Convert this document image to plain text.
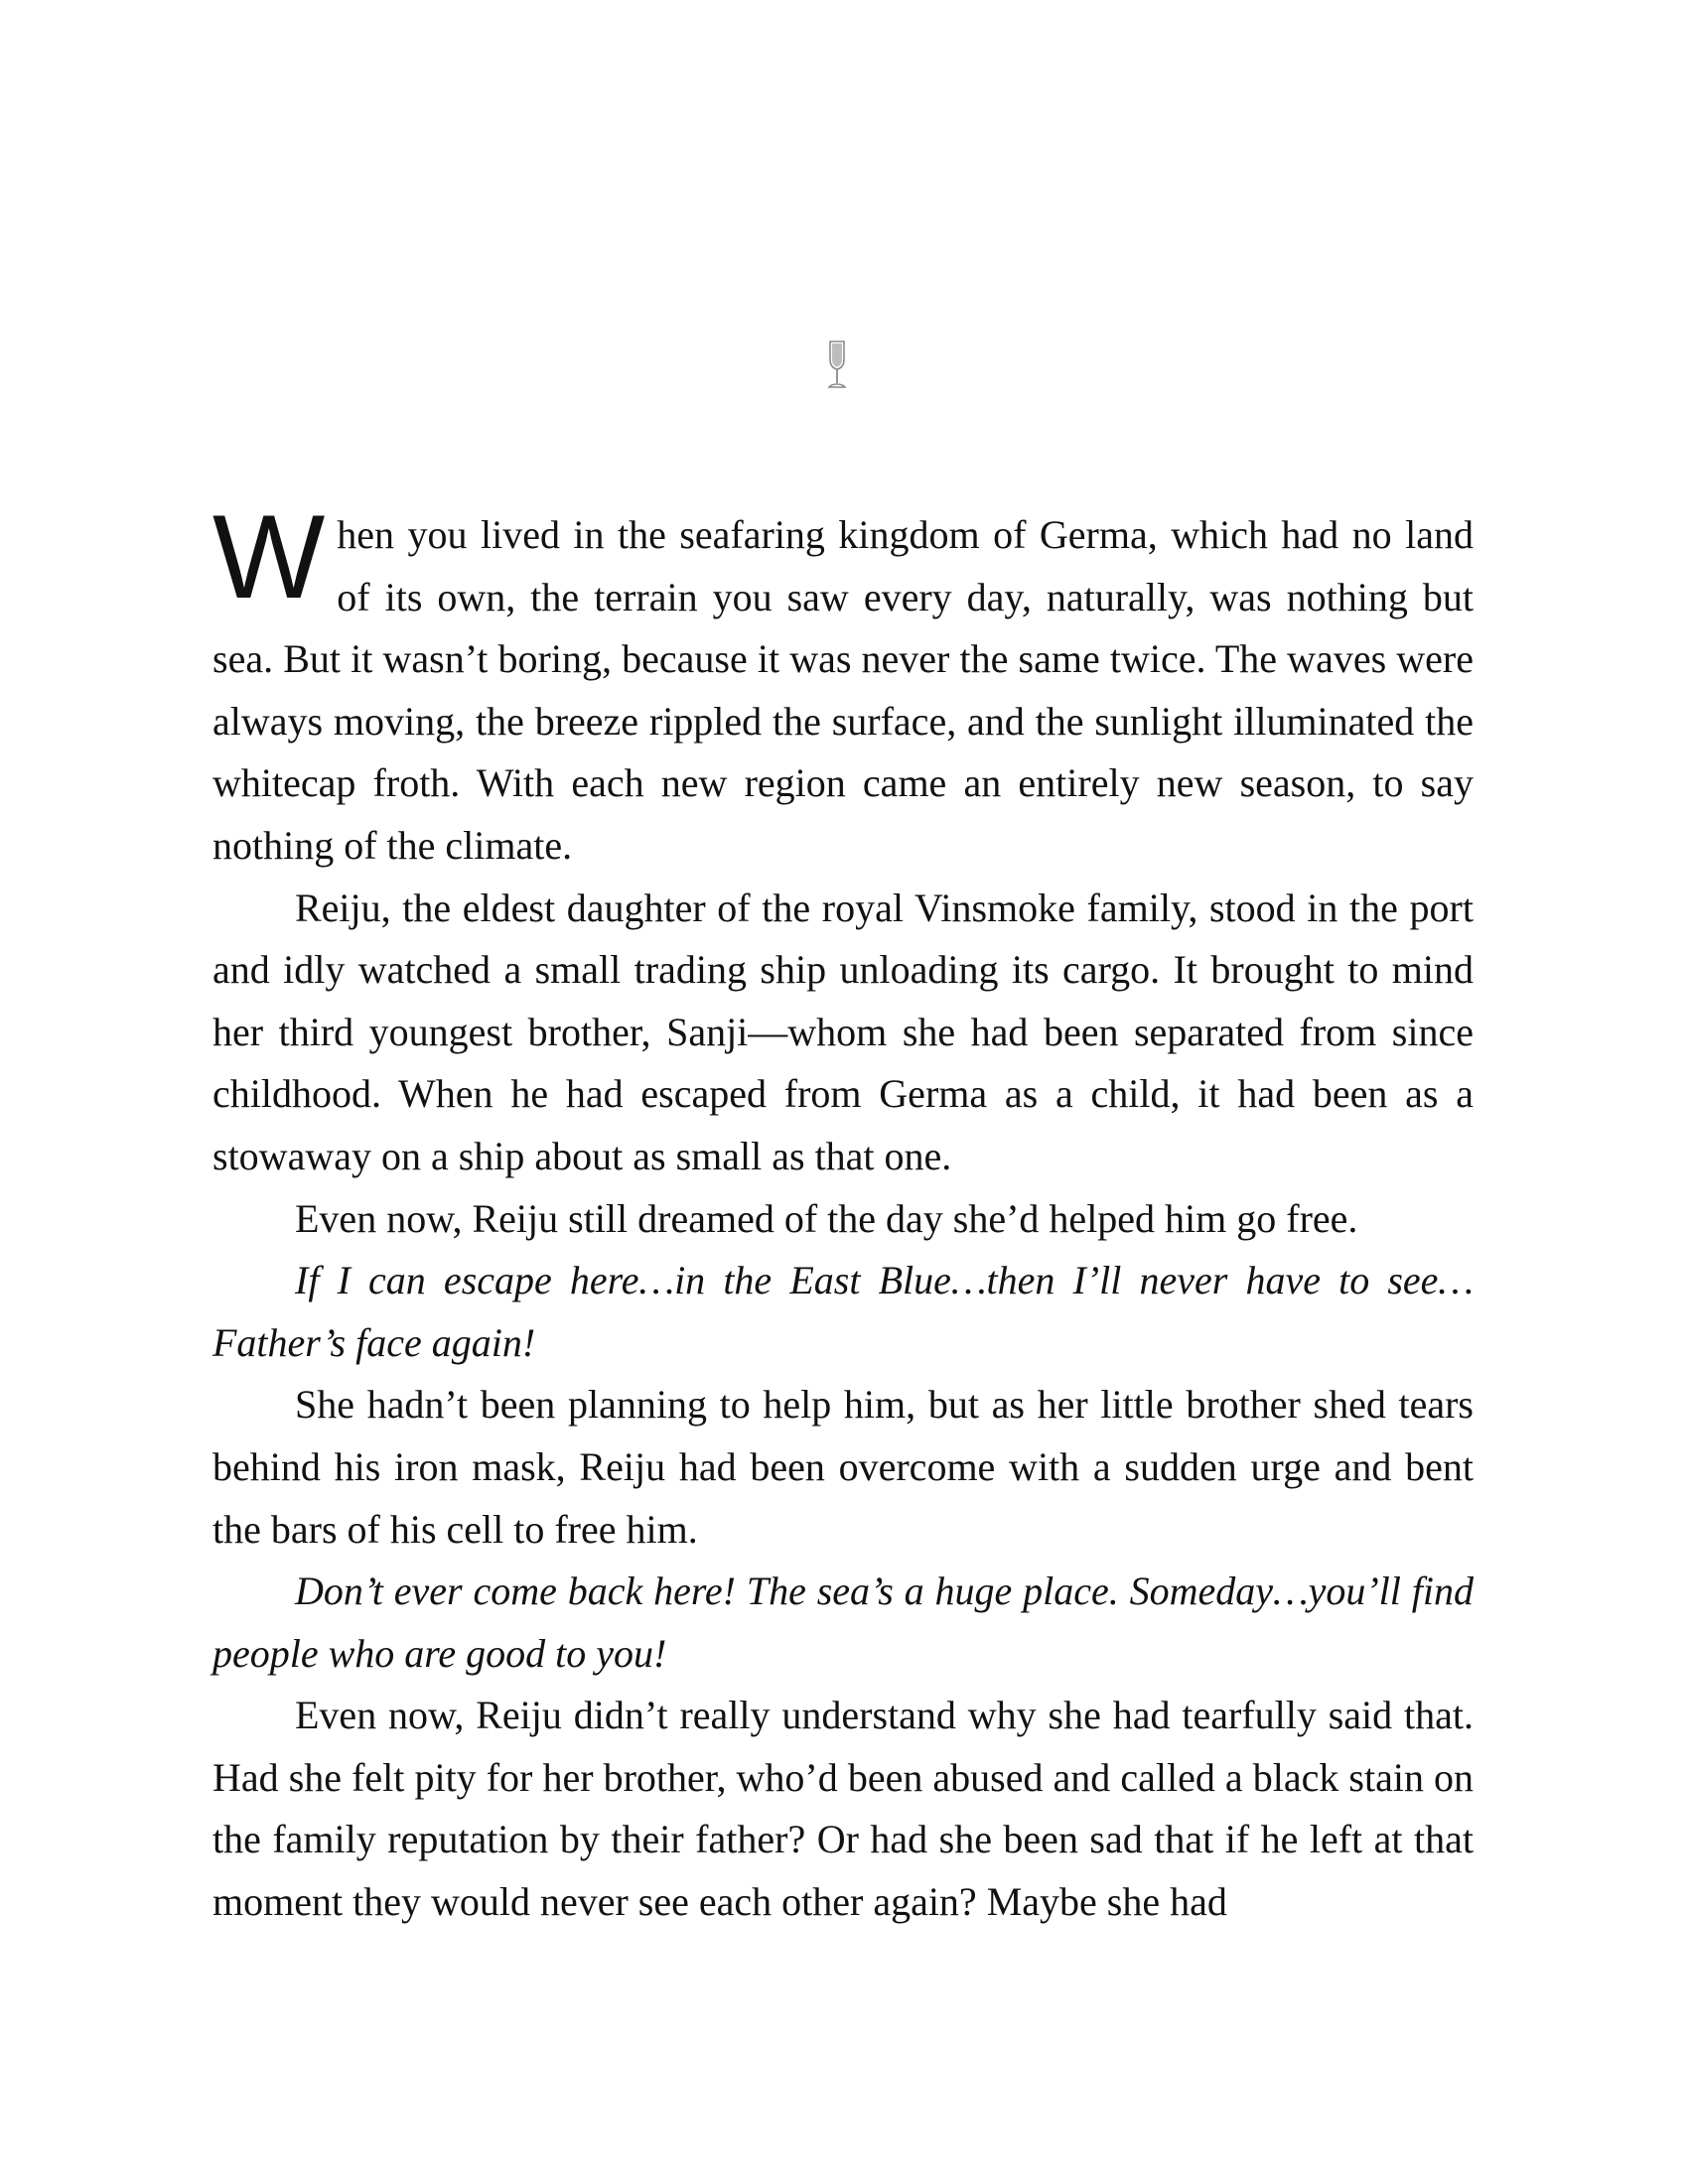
When you lived in the seafaring kingdom of Germa, which had no land of its own, the terrain you saw every day, naturally, was nothing but sea. But it wasn’t boring, because it was never the same twice. The waves were always moving, the breeze rippled the surface, and the sunlight illuminated the whitecap froth. With each new region came an entirely new season, to say nothing of the climate.

Reiju, the eldest daughter of the royal Vinsmoke family, stood in the port and idly watched a small trading ship unloading its cargo. It brought to mind her third youngest brother, Sanji—whom she had been separated from since childhood. When he had escaped from Germa as a child, it had been as a stowaway on a ship about as small as that one.

Even now, Reiju still dreamed of the day she’d helped him go free.

If I can escape here…in the East Blue…then I’ll never have to see…Father’s face again!

She hadn’t been planning to help him, but as her little brother shed tears behind his iron mask, Reiju had been overcome with a sudden urge and bent the bars of his cell to free him.

Don’t ever come back here! The sea’s a huge place. Someday…you’ll find people who are good to you!

Even now, Reiju didn’t really understand why she had tearfully said that. Had she felt pity for her brother, who’d been abused and called a black stain on the family reputation by their father? Or had she been sad that if he left at that moment they would never see each other again? Maybe she had
